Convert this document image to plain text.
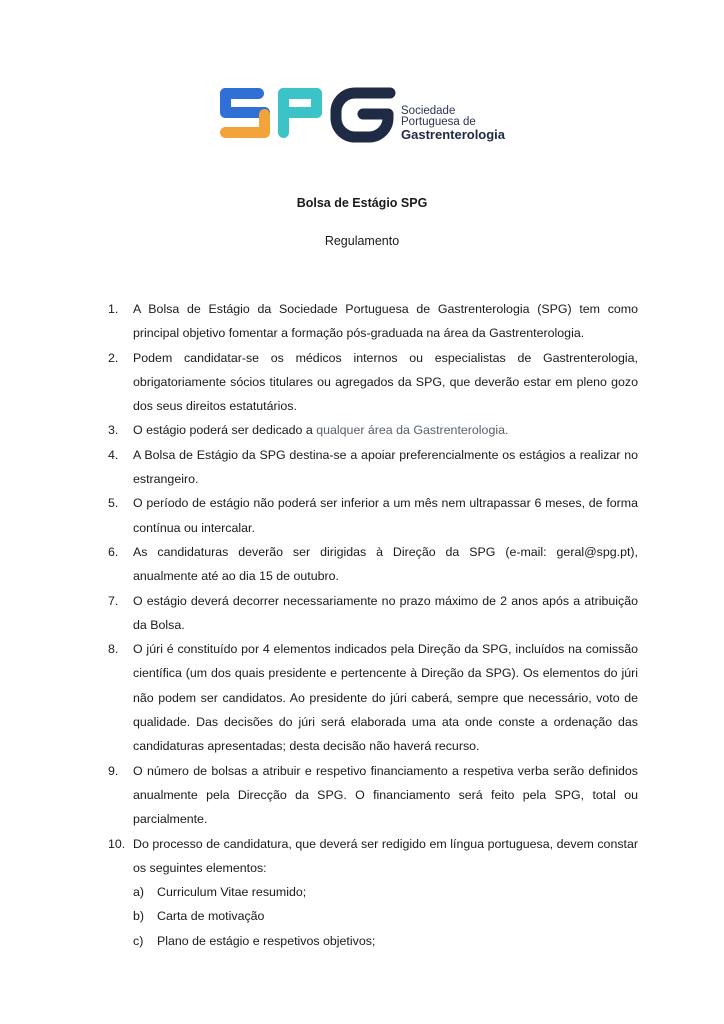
Sociedade
Portuguesa de
Gastrenterologia
Bolsa de Estágio SPG
Regulamento
1. A Bolsa de Estágio da Sociedade Portuguesa de Gastrenterologia (SPG) tem como principal objetivo fomentar a formação pós-graduada na área da Gastrenterologia.
2. Podem candidatar-se os médicos internos ou especialistas de Gastrenterologia, obrigatoriamente sócios titulares ou agregados da SPG, que deverão estar em pleno gozo dos seus direitos estatutários.
3. O estágio poderá ser dedicado a qualquer área da Gastrenterologia.
4. A Bolsa de Estágio da SPG destina-se a apoiar preferencialmente os estágios a realizar no estrangeiro.
5. O período de estágio não poderá ser inferior a um mês nem ultrapassar 6 meses, de forma contínua ou intercalar.
6. As candidaturas deverão ser dirigidas à Direção da SPG (e-mail: geral@spg.pt), anualmente até ao dia 15 de outubro.
7. O estágio deverá decorrer necessariamente no prazo máximo de 2 anos após a atribuição da Bolsa.
8. O júri é constituído por 4 elementos indicados pela Direção da SPG, incluídos na comissão científica (um dos quais presidente e pertencente à Direção da SPG). Os elementos do júri não podem ser candidatos. Ao presidente do júri caberá, sempre que necessário, voto de qualidade. Das decisões do júri será elaborada uma ata onde conste a ordenação das candidaturas apresentadas; desta decisão não haverá recurso.
9. O número de bolsas a atribuir e respetivo financiamento a respetiva verba serão definidos anualmente pela Direcção da SPG. O financiamento será feito pela SPG, total ou parcialmente.
10. Do processo de candidatura, que deverá ser redigido em língua portuguesa, devem constar os seguintes elementos:
a) Curriculum Vitae resumido;
b) Carta de motivação
c) Plano de estágio e respetivos objetivos;
